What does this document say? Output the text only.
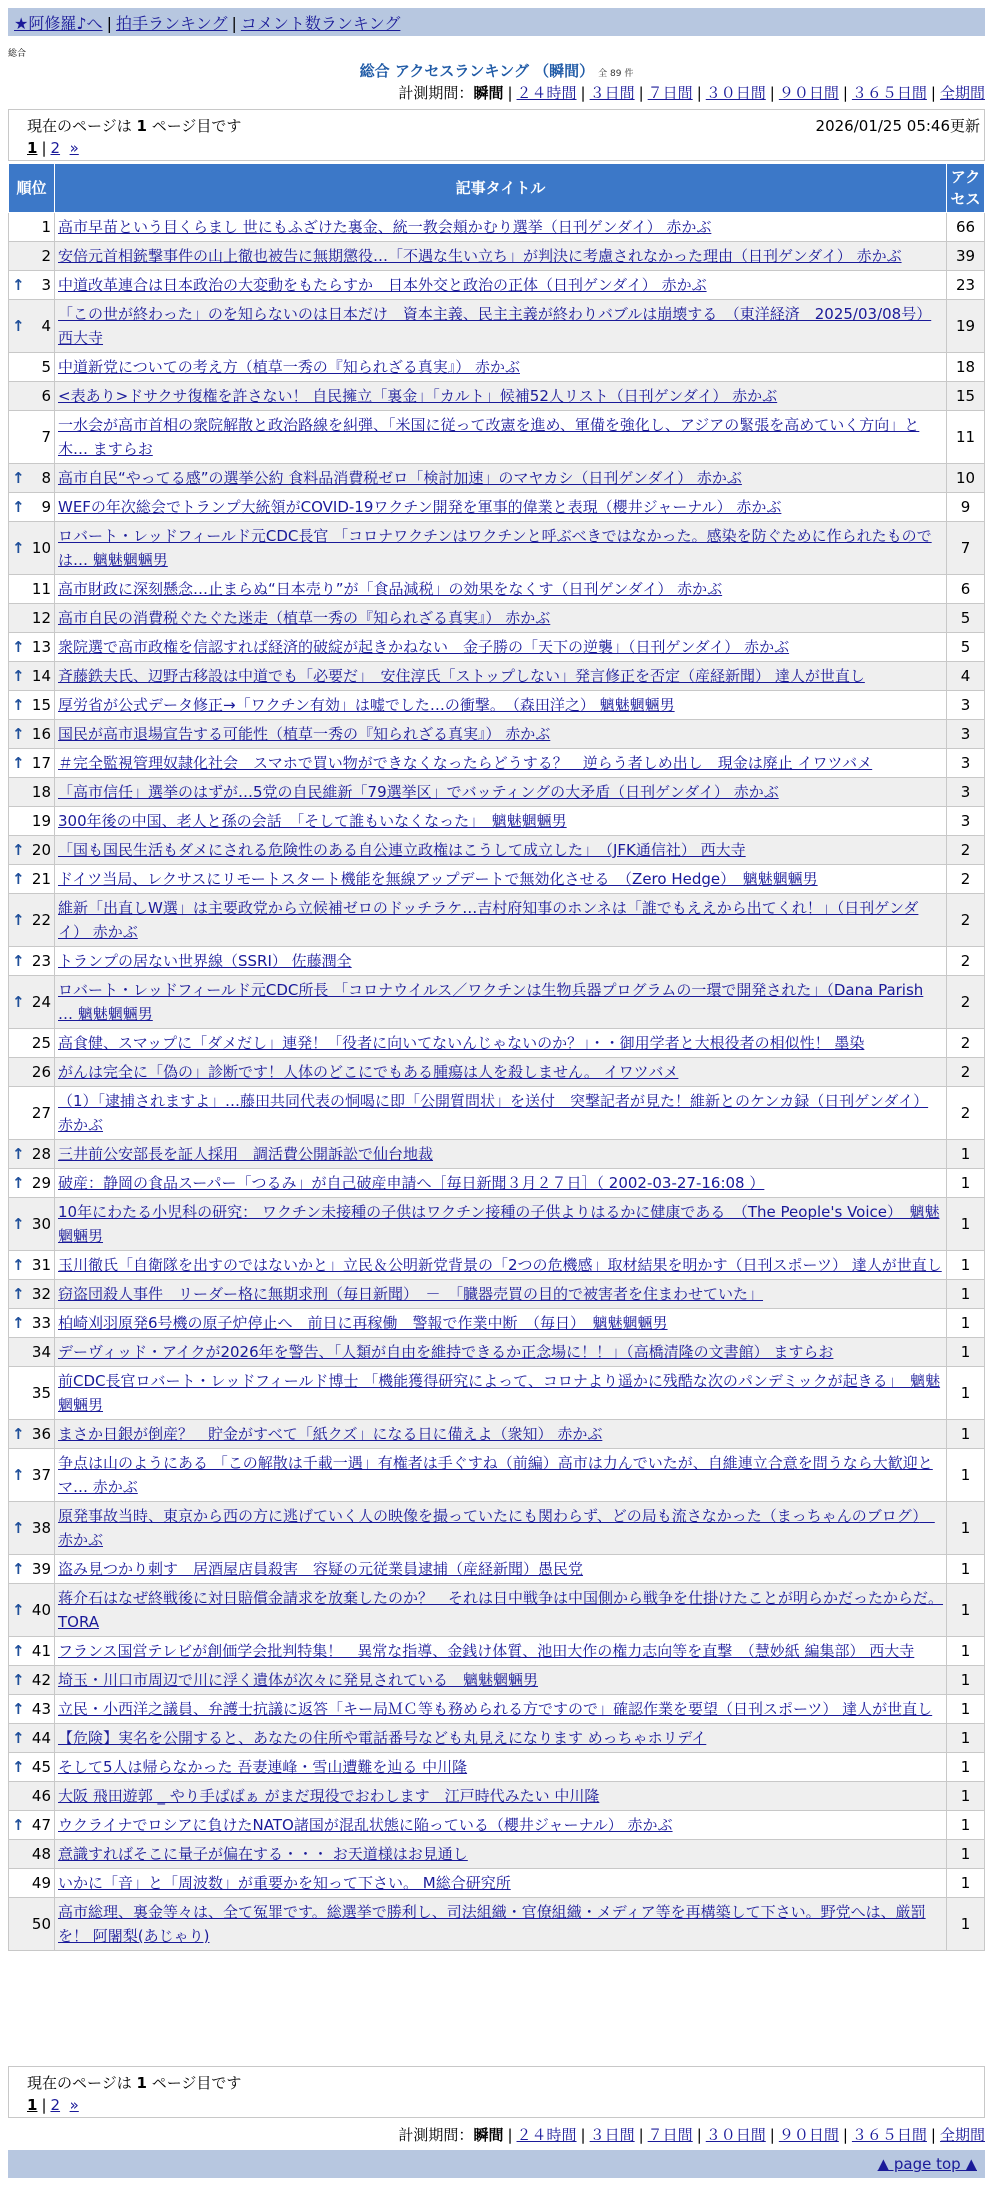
★阿修羅♪へ | 拍手ランキング | コメント数ランキング
総合
総合 アクセスランキング （瞬間） 全 89 件
計測期間：瞬間 | ２４時間 | ３日間 | ７日間 | ３０日間 | ９０日間 | ３６５日間 | 全期間
現在のページは 1 ページ目です	2026/01/25 05:46更新
1 | 2 »
順位	記事タイトル	アクセス
1	高市早苗という目くらまし 世にもふざけた裏金、統一教会頬かむり選挙（日刊ゲンダイ） 赤かぶ	66
2	安倍元首相銃撃事件の山上徹也被告に無期懲役…「不遇な生い立ち」が判決に考慮されなかった理由（日刊ゲンダイ） 赤かぶ	39

↑ 3	中道改革連合は日本政治の大変動をもたらすか　日本外交と政治の正体（日刊ゲンダイ） 赤かぶ	23

↑ 4	「この世が終わった」のを知らないのは日本だけ　資本主義、民主主義が終わりバブルは崩壊する　（東洋経済　2025/03/08号） 西大寺	19
5	中道新党についての考え方（植草一秀の『知られざる真実』） 赤かぶ	18
6	<表あり>ドサクサ復権を許さない！ 自民擁立「裏金」「カルト」候補52人リスト（日刊ゲンダイ） 赤かぶ	15
7	一水会が高市首相の衆院解散と政治路線を糾弾、「米国に従って改憲を進め、軍備を強化し、アジアの緊張を高めていく方向」と木… ますらお	11

↑ 8	高市自民“やってる感”の選挙公約 食料品消費税ゼロ「検討加速」のマヤカシ（日刊ゲンダイ） 赤かぶ	10

↑ 9	WEFの年次総会でトランプ大統領がCOVID-19ワクチン開発を軍事的偉業と表現（櫻井ジャーナル） 赤かぶ	9

↑ 10	ロバート・レッドフィールド元CDC長官 「コロナワクチンはワクチンと呼ぶべきではなかった。感染を防ぐために作られたものでは… 魑魅魍魎男	7
11	高市財政に深刻懸念…止まらぬ“日本売り”が「食品減税」の効果をなくす（日刊ゲンダイ） 赤かぶ	6
12	高市自民の消費税ぐたぐた迷走（植草一秀の『知られざる真実』） 赤かぶ	5

↑ 13	衆院選で高市政権を信認すれば経済的破綻が起きかねない　金子勝の「天下の逆襲」（日刊ゲンダイ） 赤かぶ	5

↑ 14	斉藤鉄夫氏、辺野古移設は中道でも「必要だ」　安住淳氏「ストップしない」発言修正を否定（産経新聞） 達人が世直し	4

↑ 15	厚労省が公式データ修正→「ワクチン有効」は嘘でした…の衝撃。　（森田洋之） 魑魅魍魎男	3

↑ 16	国民が高市退場宣告する可能性（植草一秀の『知られざる真実』） 赤かぶ	3

↑ 17	＃完全監視管理奴隷化社会　スマホで買い物ができなくなったらどうする？　逆らう者しめ出し　現金は廃止 イワツバメ	3
18	「高市信任」選挙のはずが…5党の自民維新「79選挙区」でバッティングの大矛盾（日刊ゲンダイ） 赤かぶ	3
19	300年後の中国、老人と孫の会話　「そして誰もいなくなった」　魑魅魍魎男	3

↑ 20	「国も国民生活もダメにされる危険性のある自公連立政権はこうして成立した」　（JFK通信社） 西大寺	2

↑ 21	ドイツ当局、レクサスにリモートスタート機能を無線アップデートで無効化させる　（Zero Hedge）　魑魅魍魎男	2

↑ 22	維新「出直しW選」は主要政党から立候補ゼロのドッチラケ…吉村府知事のホンネは「誰でもええから出てくれ！」（日刊ゲンダイ） 赤かぶ	2

↑ 23	トランプの居ない世界線（SSRI） 佐藤潤全	2

↑ 24	ロバート・レッドフィールド元CDC所長 「コロナウイルス／ワクチンは生物兵器プログラムの一環で開発された」（Dana Parish … 魑魅魍魎男	2
25	高食健、スマップに「ダメだし」連発！「役者に向いてないんじゃないのか？」・・御用学者と大根役者の相似性！ 墨染	2
26	がんは完全に「偽の」診断です！人体のどこにでもある腫瘍は人を殺しません。 イワツバメ	2
27	（1）「逮捕されますよ」…藤田共同代表の恫喝に即「公開質問状」を送付　突撃記者が見た！維新とのケンカ録（日刊ゲンダイ） 赤かぶ	2

↑ 28	三井前公安部長を証人採用　調活費公開訴訟で仙台地裁	1

↑ 29	破産：静岡の食品スーパー「つるみ」が自己破産申請へ［毎日新聞３月２７日］（ 2002-03-27-16:08 ）	1

↑ 30	10年にわたる小児科の研究： ワクチン未接種の子供はワクチン接種の子供よりはるかに健康である　（The People's Voice）　魑魅魍魎男	1

↑ 31	玉川徹氏「自衛隊を出すのではないかと」立民＆公明新党背景の「2つの危機感」取材結果を明かす（日刊スポーツ） 達人が世直し	1

↑ 32	窃盗団殺人事件　リーダー格に無期求刑（毎日新聞）　－　「臓器売買の目的で被害者を住まわせていた」	1

↑ 33	柏崎刈羽原発6号機の原子炉停止へ　前日に再稼働　警報で作業中断　（毎日）　魑魅魍魎男	1
34	デーヴィッド・アイクが2026年を警告、「人類が自由を維持できるか正念場に！！」（高橋清隆の文書館） ますらお	1
35	前CDC長官ロバート・レッドフィールド博士 「機能獲得研究によって、コロナより遥かに残酷な次のパンデミックが起きる」　魑魅魍魎男	1

↑ 36	まさか日銀が倒産？　貯金がすべて「紙クズ」になる日に備えよ（衆知） 赤かぶ	1

↑ 37	争点は山のようにある 「この解散は千載一遇」有権者は手ぐすね（前編）高市は力んでいたが、自維連立合意を問うなら大歓迎とマ… 赤かぶ	1

↑ 38	原発事故当時、東京から西の方に逃げていく人の映像を撮っていたにも関わらず、どの局も流さなかった（まっちゃんのブログ）　赤かぶ	1

↑ 39	盗み見つかり刺す　居酒屋店員殺害　容疑の元従業員逮捕（産経新聞）愚民党	1

↑ 40	蒋介石はなぜ終戦後に対日賠償金請求を放棄したのか？　それは日中戦争は中国側から戦争を仕掛けたことが明らかだったからだ。 TORA	1

↑ 41	フランス国営テレビが創価学会批判特集！　異常な指導、金銭け体質、池田大作の権力志向等を直撃　（慧妙紙 編集部） 西大寺	1

↑ 42	埼玉・川口市周辺で川に浮く遺体が次々に発見されている　魑魅魍魎男	1

↑ 43	立民・小西洋之議員、弁護士抗議に返答「キー局ＭＣ等も務められる方ですので」確認作業を要望（日刊スポーツ） 達人が世直し	1

↑ 44	【危険】実名を公開すると、あなたの住所や電話番号なども丸見えになります めっちゃホリデイ	1

↑ 45	そして5人は帰らなかった 吾妻連峰・雪山遭難を辿る 中川隆	1
46	大阪 飛田遊郭 _ やり手ばばぁ がまだ現役でおわします　江戸時代みたい 中川隆	1

↑ 47	ウクライナでロシアに負けたNATO諸国が混乱状態に陥っている（櫻井ジャーナル） 赤かぶ	1
48	意識すればそこに量子が偏在する・・・ お天道様はお見通し	1
49	いかに「音」と「周波数」が重要かを知って下さい。 M総合研究所	1
50	高市総理、裏金等々は、全て冤罪です。総選挙で勝利し、司法組織・官僚組織・メディア等を再構築して下さい。野党へは、厳罰を！ 阿闍梨(あじゃり)	1
現在のページは 1 ページ目です
1 | 2 »
計測期間：瞬間 | ２４時間 | ３日間 | ７日間 | ３０日間 | ９０日間 | ３６５日間 | 全期間
▲ page top ▲
